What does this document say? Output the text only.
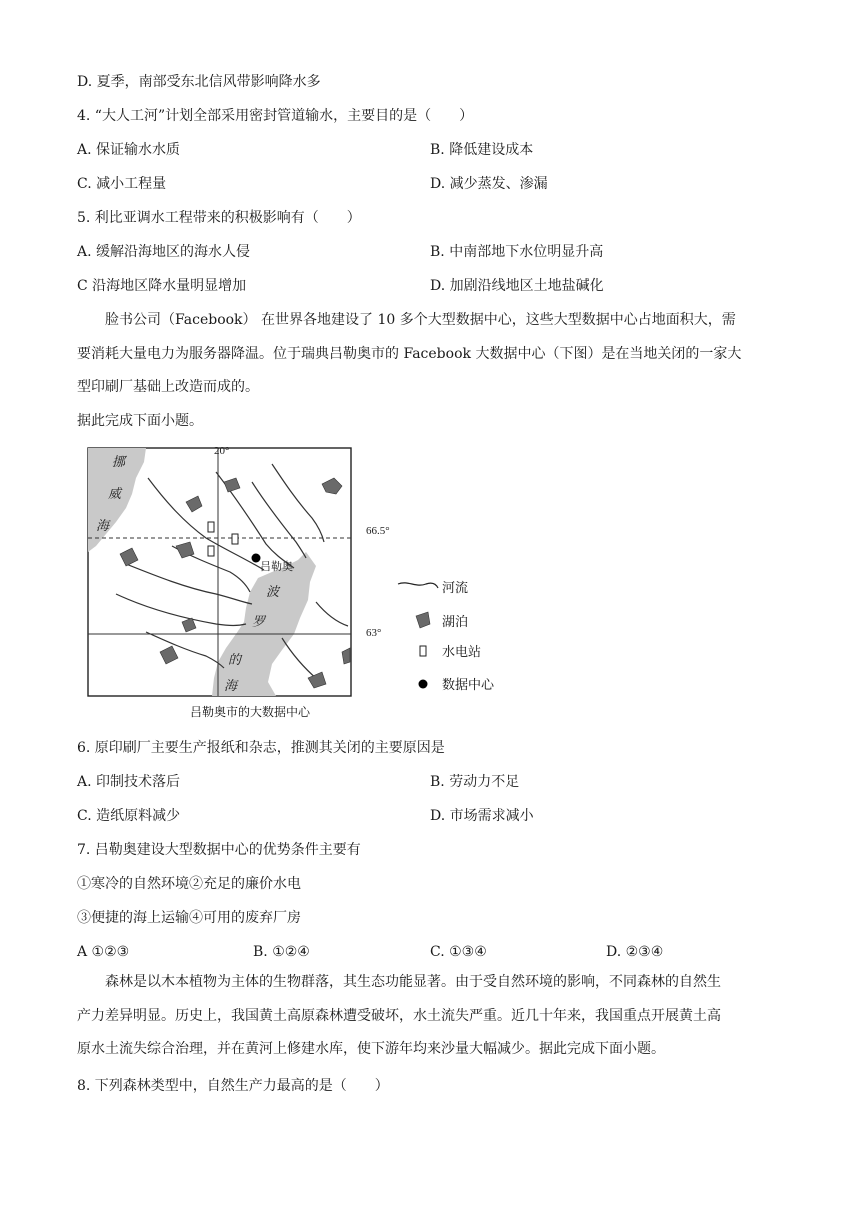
D. 夏季，南部受东北信风带影响降水多
4. “大人工河”计划全部采用密封管道输水，主要目的是（　　）
A. 保证输水水质	B. 降低建设成本
C. 减小工程量	D. 减少蒸发、渗漏
5. 利比亚调水工程带来的积极影响有（　　）
A. 缓解沿海地区的海水人侵	B. 中南部地下水位明显升高
C 沿海地区降水量明显增加	D. 加剧沿线地区土地盐碱化
脸书公司（Facebook） 在世界各地建设了 10 多个大型数据中心，这些大型数据中心占地面积大，需
要消耗大量电力为服务器降温。位于瑞典吕勒奥市的 Facebook 大数据中心（下图）是在当地关闭的一家大
型印刷厂基础上改造而成的。
据此完成下面小题。
20°
66.5°
63°
挪
威
海
波
罗
的
海
吕勒奥
吕勒奥市的大数据中心
河流
湖泊
水电站
数据中心
6. 原印刷厂主要生产报纸和杂志，推测其关闭的主要原因是
A. 印制技术落后	B. 劳动力不足
C. 造纸原料减少	D. 市场需求减小
7. 吕勒奥建设大型数据中心的优势条件主要有
①寒冷的自然环境②充足的廉价水电
③便捷的海上运输④可用的废弃厂房
A ①②③	B. ①②④	C. ①③④	D. ②③④
森林是以木本植物为主体的生物群落，其生态功能显著。由于受自然环境的影响，不同森林的自然生
产力差异明显。历史上，我国黄土高原森林遭受破坏，水土流失严重。近几十年来，我国重点开展黄土高
原水土流失综合治理，并在黄河上修建水库，使下游年均来沙量大幅减少。据此完成下面小题。
8. 下列森林类型中，自然生产力最高的是（　　）
